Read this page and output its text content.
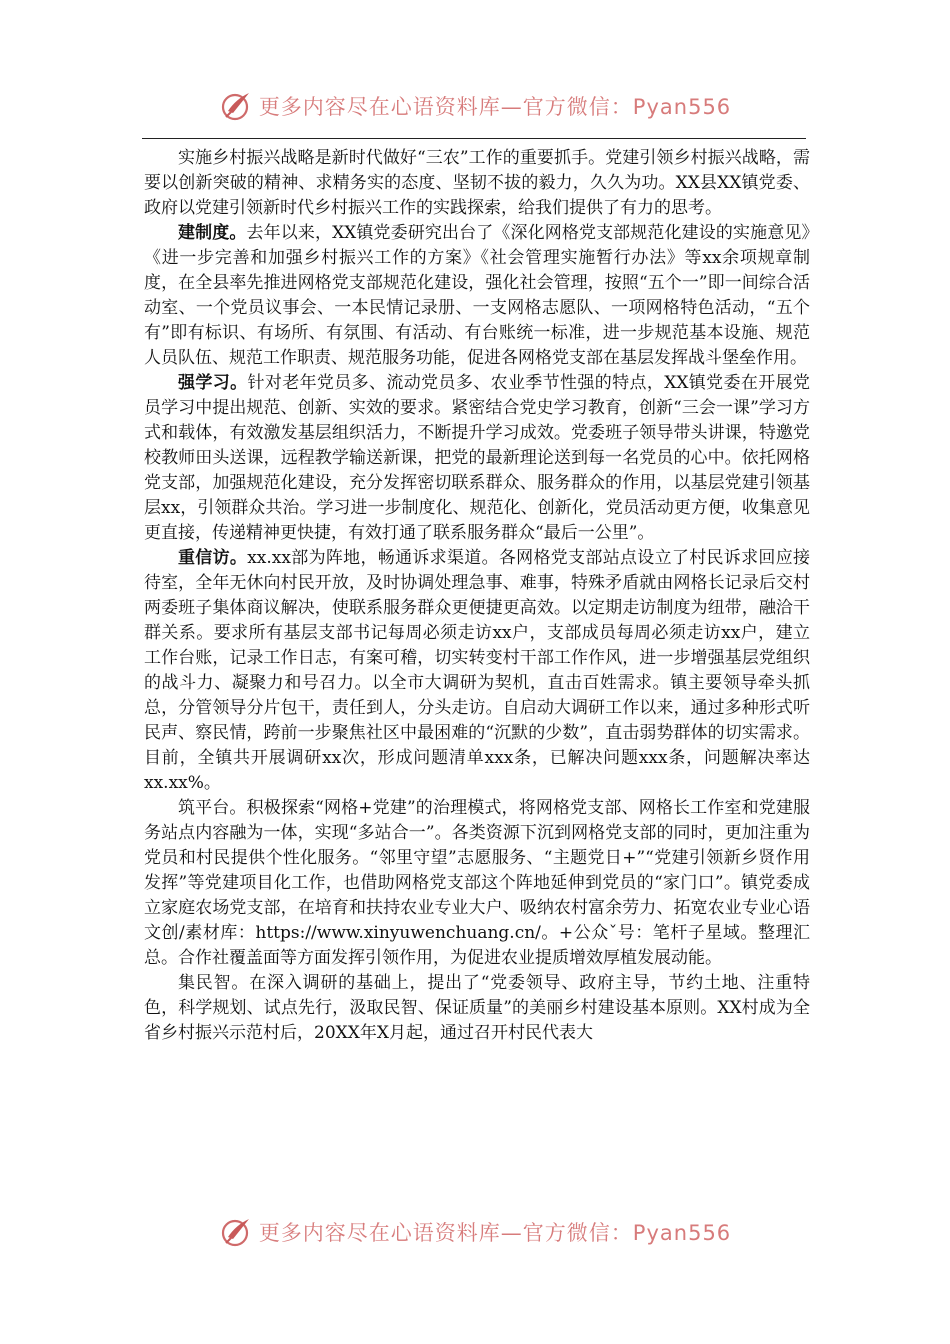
更多内容尽在心语资料库—官方微信：Pyan556

实施乡村振兴战略是新时代做好“三农”工作的重要抓手。党建引领乡村振兴战略，需要以创新突破的精神、求精务实的态度、坚韧不拔的毅力，久久为功。XX县XX镇党委、政府以党建引领新时代乡村振兴工作的实践探索，给我们提供了有力的思考。

建制度。去年以来，XX镇党委研究出台了《深化网格党支部规范化建设的实施意见》《进一步完善和加强乡村振兴工作的方案》《社会管理实施暂行办法》等xx余项规章制度，在全县率先推进网格党支部规范化建设，强化社会管理，按照“五个一”即一间综合活动室、一个党员议事会、一本民情记录册、一支网格志愿队、一项网格特色活动，“五个有”即有标识、有场所、有氛围、有活动、有台账统一标准，进一步规范基本设施、规范人员队伍、规范工作职责、规范服务功能，促进各网格党支部在基层发挥战斗堡垒作用。

强学习。针对老年党员多、流动党员多、农业季节性强的特点，XX镇党委在开展党员学习中提出规范、创新、实效的要求。紧密结合党史学习教育，创新“三会一课”学习方式和载体，有效激发基层组织活力，不断提升学习成效。党委班子领导带头讲课，特邀党校教师田头送课，远程教学输送新课，把党的最新理论送到每一名党员的心中。依托网格党支部，加强规范化建设，充分发挥密切联系群众、服务群众的作用，以基层党建引领基层xx，引领群众共治。学习进一步制度化、规范化、创新化，党员活动更方便，收集意见更直接，传递精神更快捷，有效打通了联系服务群众“最后一公里”。

重信访。xx.xx部为阵地，畅通诉求渠道。各网格党支部站点设立了村民诉求回应接待室，全年无休向村民开放，及时协调处理急事、难事，特殊矛盾就由网格长记录后交村两委班子集体商议解决，使联系服务群众更便捷更高效。以定期走访制度为纽带，融洽干群关系。要求所有基层支部书记每周必须走访xx户，支部成员每周必须走访xx户，建立工作台账，记录工作日志，有案可稽，切实转变村干部工作作风，进一步增强基层党组织的战斗力、凝聚力和号召力。以全市大调研为契机，直击百姓需求。镇主要领导牵头抓总，分管领导分片包干，责任到人，分头走访。自启动大调研工作以来，通过多种形式听民声、察民情，跨前一步聚焦社区中最困难的“沉默的少数”，直击弱势群体的切实需求。目前，全镇共开展调研xx次，形成问题清单xxx条，已解决问题xxx条，问题解决率达xx.xx%。

筑平台。积极探索“网格+党建”的治理模式，将网格党支部、网格长工作室和党建服务站点内容融为一体，实现“多站合一”。各类资源下沉到网格党支部的同时，更加注重为党员和村民提供个性化服务。“邻里守望”志愿服务、“主题党日+”“党建引领新乡贤作用发挥”等党建项目化工作，也借助网格党支部这个阵地延伸到党员的“家门口”。镇党委成立家庭农场党支部，在培育和扶持农业专业大户、吸纳农村富余劳力、拓宽农业专业心语文创/素材库：https://www.xinyuwenchuang.cn/。+公众ˇ号：笔杆子星域。整理汇总。合作社覆盖面等方面发挥引领作用，为促进农业提质增效厚植发展动能。

集民智。在深入调研的基础上，提出了“党委领导、政府主导，节约土地、注重特色，科学规划、试点先行，汲取民智、保证质量”的美丽乡村建设基本原则。XX村成为全省乡村振兴示范村后，20XX年X月起，通过召开村民代表大

更多内容尽在心语资料库—官方微信：Pyan556
